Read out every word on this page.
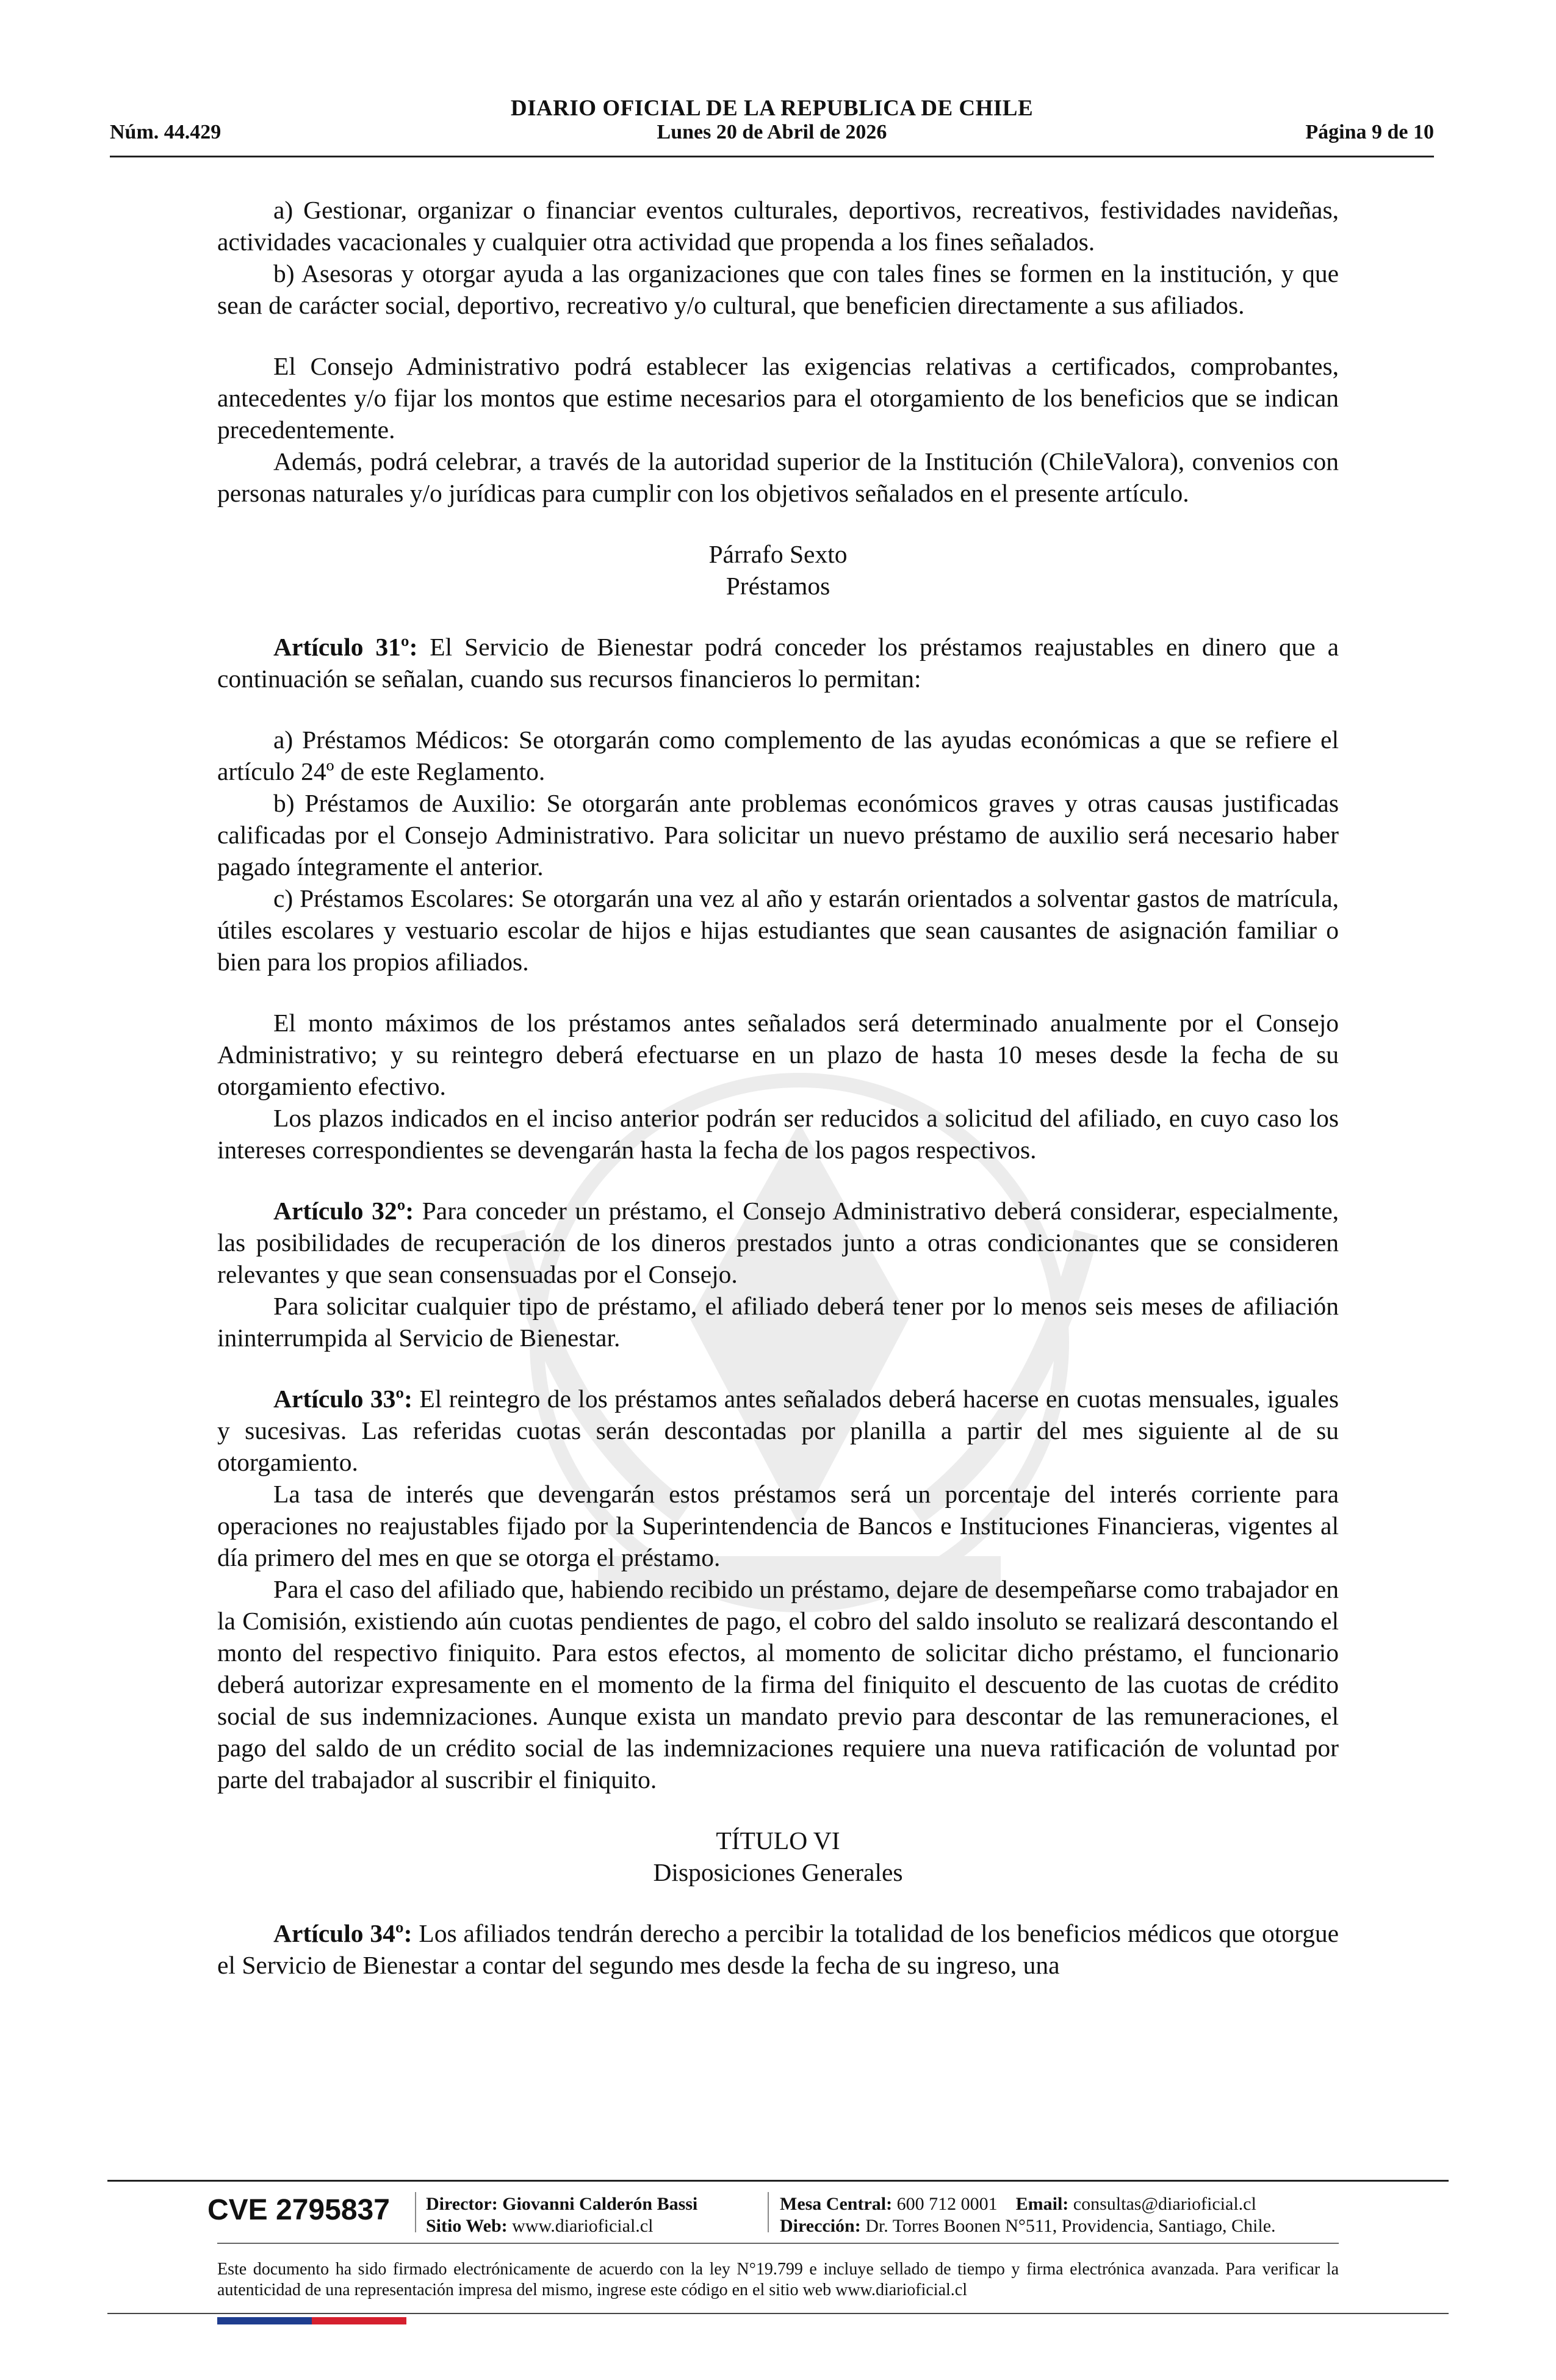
DIARIO OFICIAL DE LA REPUBLICA DE CHILE
Núm. 44.429	Lunes 20 de Abril de 2026	Página 9 de 10

a) Gestionar, organizar o financiar eventos culturales, deportivos, recreativos, festividades navideñas, actividades vacacionales y cualquier otra actividad que propenda a los fines señalados.

b) Asesoras y otorgar ayuda a las organizaciones que con tales fines se formen en la institución, y que sean de carácter social, deportivo, recreativo y/o cultural, que beneficien directamente a sus afiliados.

El Consejo Administrativo podrá establecer las exigencias relativas a certificados, comprobantes, antecedentes y/o fijar los montos que estime necesarios para el otorgamiento de los beneficios que se indican precedentemente.

Además, podrá celebrar, a través de la autoridad superior de la Institución (ChileValora), convenios con personas naturales y/o jurídicas para cumplir con los objetivos señalados en el presente artículo.

Párrafo Sexto

Préstamos

Artículo 31º: El Servicio de Bienestar podrá conceder los préstamos reajustables en dinero que a continuación se señalan, cuando sus recursos financieros lo permitan:

a) Préstamos Médicos: Se otorgarán como complemento de las ayudas económicas a que se refiere el artículo 24º de este Reglamento.

b) Préstamos de Auxilio: Se otorgarán ante problemas económicos graves y otras causas justificadas calificadas por el Consejo Administrativo. Para solicitar un nuevo préstamo de auxilio será necesario haber pagado íntegramente el anterior.

c) Préstamos Escolares: Se otorgarán una vez al año y estarán orientados a solventar gastos de matrícula, útiles escolares y vestuario escolar de hijos e hijas estudiantes que sean causantes de asignación familiar o bien para los propios afiliados.

El monto máximos de los préstamos antes señalados será determinado anualmente por el Consejo Administrativo; y su reintegro deberá efectuarse en un plazo de hasta 10 meses desde la fecha de su otorgamiento efectivo.

Los plazos indicados en el inciso anterior podrán ser reducidos a solicitud del afiliado, en cuyo caso los intereses correspondientes se devengarán hasta la fecha de los pagos respectivos.

Artículo 32º: Para conceder un préstamo, el Consejo Administrativo deberá considerar, especialmente, las posibilidades de recuperación de los dineros prestados junto a otras condicionantes que se consideren relevantes y que sean consensuadas por el Consejo.

Para solicitar cualquier tipo de préstamo, el afiliado deberá tener por lo menos seis meses de afiliación ininterrumpida al Servicio de Bienestar.

Artículo 33º: El reintegro de los préstamos antes señalados deberá hacerse en cuotas mensuales, iguales y sucesivas. Las referidas cuotas serán descontadas por planilla a partir del mes siguiente al de su otorgamiento.

La tasa de interés que devengarán estos préstamos será un porcentaje del interés corriente para operaciones no reajustables fijado por la Superintendencia de Bancos e Instituciones Financieras, vigentes al día primero del mes en que se otorga el préstamo.

Para el caso del afiliado que, habiendo recibido un préstamo, dejare de desempeñarse como trabajador en la Comisión, existiendo aún cuotas pendientes de pago, el cobro del saldo insoluto se realizará descontando el monto del respectivo finiquito. Para estos efectos, al momento de solicitar dicho préstamo, el funcionario deberá autorizar expresamente en el momento de la firma del finiquito el descuento de las cuotas de crédito social de sus indemnizaciones. Aunque exista un mandato previo para descontar de las remuneraciones, el pago del saldo de un crédito social de las indemnizaciones requiere una nueva ratificación de voluntad por parte del trabajador al suscribir el finiquito.

TÍTULO VI

Disposiciones Generales

Artículo 34º: Los afiliados tendrán derecho a percibir la totalidad de los beneficios médicos que otorgue el Servicio de Bienestar a contar del segundo mes desde la fecha de su ingreso, una

CVE 2795837 Director: Giovanni Calderón Bassi
Sitio Web: www.diarioficial.cl
Mesa Central: 600 712 0001 Email: consultas@diarioficial.cl
Dirección: Dr. Torres Boonen N°511, Providencia, Santiago, Chile.
Este documento ha sido firmado electrónicamente de acuerdo con la ley N°19.799 e incluye sellado de tiempo y firma electrónica avanzada. Para verificar la autenticidad de una representación impresa del mismo, ingrese este código en el sitio web www.diarioficial.cl
